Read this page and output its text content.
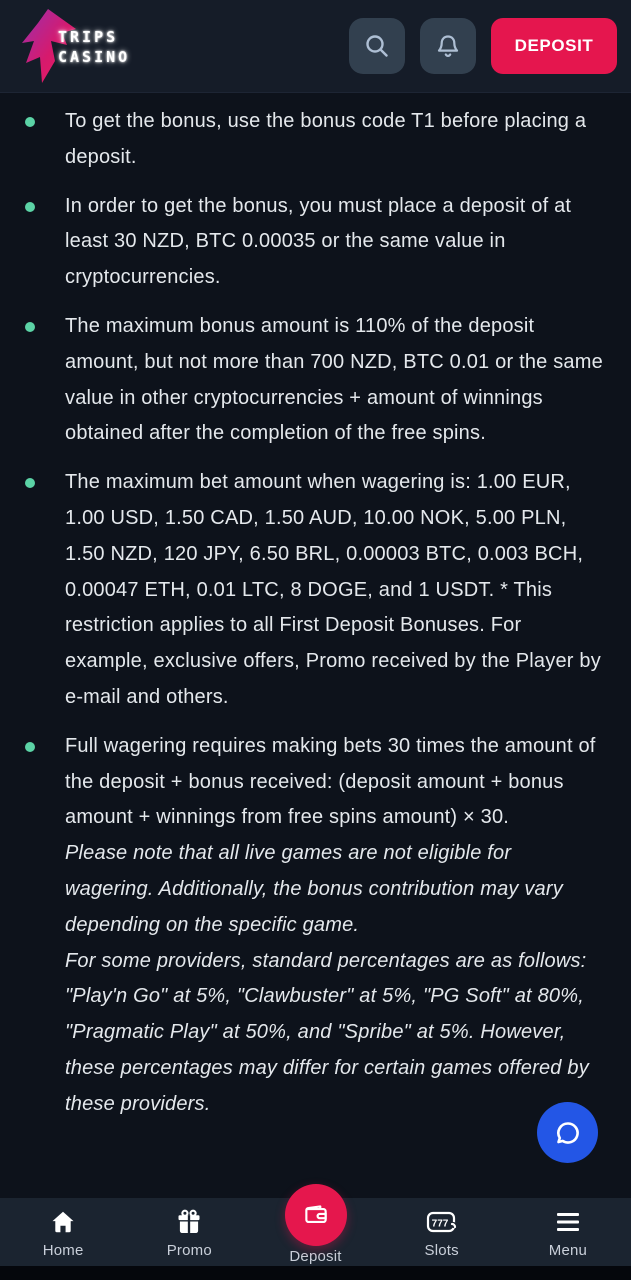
TRIPS
CASINO
DEPOSIT
To get the bonus, use the bonus code T1 before placing a deposit.
In order to get the bonus, you must place a deposit of at least 30 NZD, BTC 0.00035 or the same value in cryptocurrencies.
The maximum bonus amount is 110% of the deposit amount, but not more than 700 NZD, BTC 0.01 or the same value in other cryptocurrencies + amount of winnings obtained after the completion of the free spins.
The maximum bet amount when wagering is: 1.00 EUR, 1.00 USD, 1.50 CAD, 1.50 AUD, 10.00 NOK, 5.00 PLN, 1.50 NZD, 120 JPY, 6.50 BRL, 0.00003 BTC, 0.003 BCH, 0.00047 ETH, 0.01 LTC, 8 DOGE, and 1 USDT. * This restriction applies to all First Deposit Bonuses. For example, exclusive offers, Promo received by the Player by e-mail and others.
Full wagering requires making bets 30 times the amount of the deposit + bonus received: (deposit amount + bonus amount + winnings from free spins amount) × 30.

Please note that all live games are not eligible for wagering. Additionally, the bonus contribution may vary depending on the specific game.

For some providers, standard percentages are as follows: "Play'n Go" at 5%, "Clawbuster" at 5%, "PG Soft" at 80%, "Pragmatic Play" at 50%, and "Spribe" at 5%. However, these percentages may differ for certain games offered by these providers.

Home	Promo	Deposit
777
Slots	Menu
